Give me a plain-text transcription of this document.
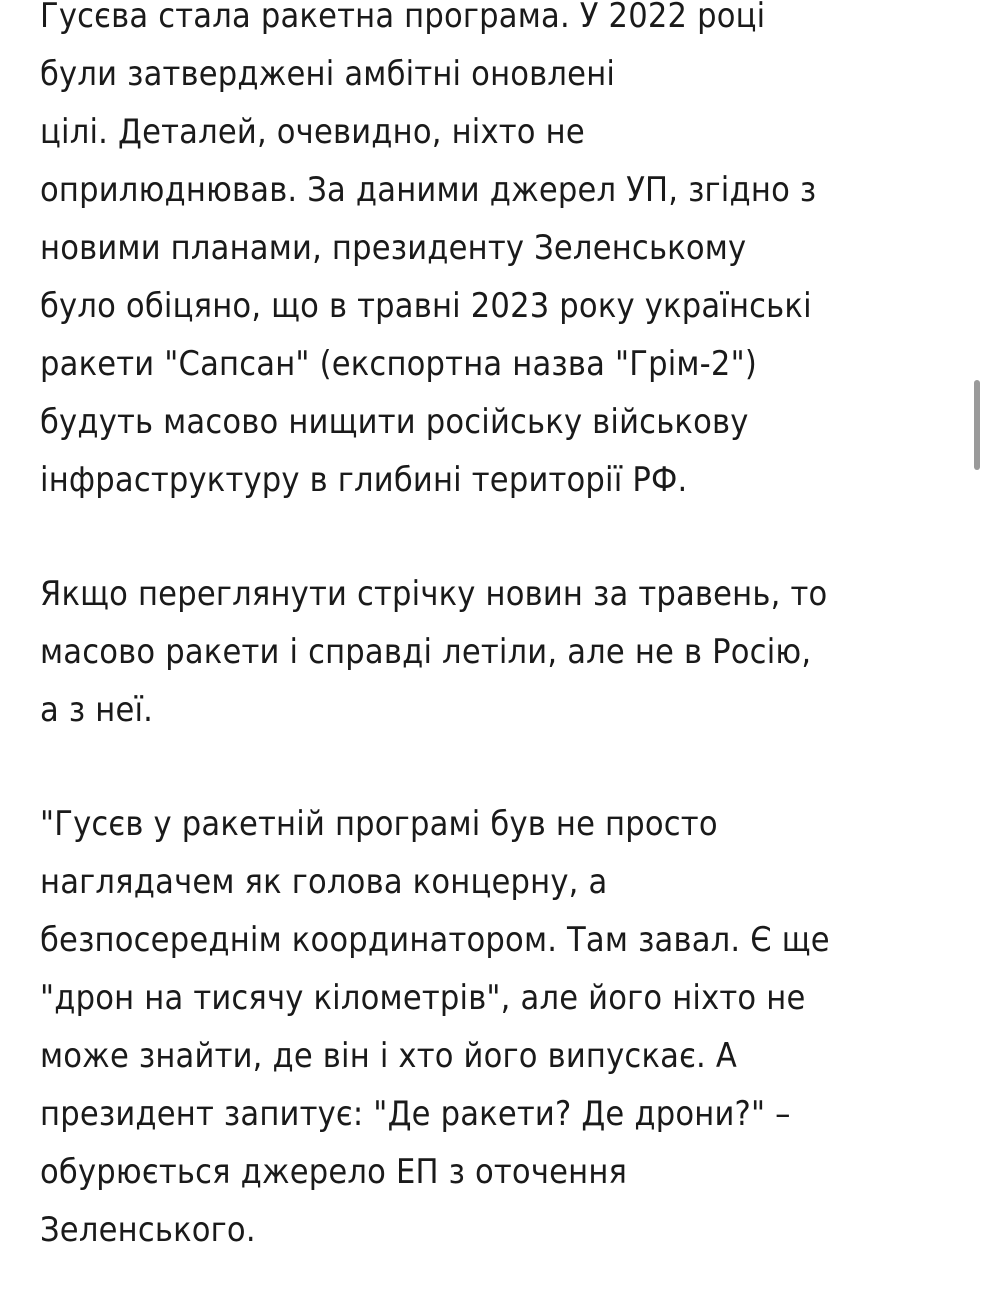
Гусєва стала ракетна програма. У 2022 році
були затверджені амбітні оновлені
цілі. Деталей, очевидно, ніхто не
оприлюднював. За даними джерел УП, згідно з
новими планами, президенту Зеленському
було обіцяно, що в травні 2023 року українські
ракети "Сапсан" (експортна назва "Грім-2")
будуть масово нищити російську військову
інфраструктуру в глибині території РФ.

Якщо переглянути стрічку новин за травень, то
масово ракети і справді летіли, але не в Росію,
а з неї.

"Гусєв у ракетній програмі був не просто
наглядачем як голова концерну, а
безпосереднім координатором. Там завал. Є ще
"дрон на тисячу кілометрів", але його ніхто не
може знайти, де він і хто його випускає. А
президент запитує: "Де ракети? Де дрони?" –
обурюється джерело ЕП з оточення
Зеленського.
